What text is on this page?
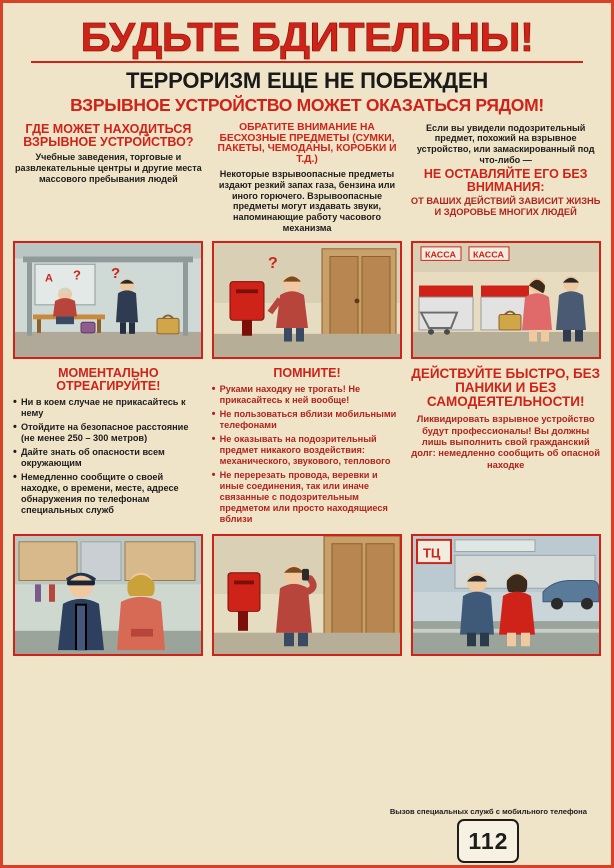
БУДЬТЕ БДИТЕЛЬНЫ!
ТЕРРОРИЗМ ЕЩЕ НЕ ПОБЕЖДЕН
ВЗРЫВНОЕ УСТРОЙСТВО МОЖЕТ ОКАЗАТЬСЯ РЯДОМ!
ГДЕ МОЖЕТ НАХОДИТЬСЯ ВЗРЫВНОЕ УСТРОЙСТВО?
Учебные заведения, торговые и развлекательные центры и другие места массового пребывания людей
ОБРАТИТЕ ВНИМАНИЕ НА БЕСХОЗНЫЕ ПРЕДМЕТЫ (СУМКИ, ПАКЕТЫ, ЧЕМОДАНЫ, КОРОБКИ И Т.Д.)
Некоторые взрывоопасные предметы издают резкий запах газа, бензина или иного горючего. Взрывоопасные предметы могут издавать звуки, напоминающие работу часового механизма
Если вы увидели подозрительный предмет, похожий на взрывное устройство, или замаскированный под что-либо —
НЕ ОСТАВЛЯЙТЕ ЕГО БЕЗ ВНИМАНИЯ:
ОТ ВАШИХ ДЕЙСТВИЙ ЗАВИСИТ ЖИЗНЬ И ЗДОРОВЬЕ МНОГИХ ЛЮДЕЙ
A ? ?
?
КАССА КАССА
МОМЕНТАЛЬНО ОТРЕАГИРУЙТЕ!
• Ни в коем случае не прикасайтесь к нему
• Отойдите на безопасное расстояние (не менее 250 – 300 метров)
• Дайте знать об опасности всем окружающим
• Немедленно сообщите о своей находке, о времени, месте, адресе обнаружения по телефонам специальных служб
ПОМНИТЕ!
• Руками находку не трогать! Не прикасайтесь к ней вообще!
• Не пользоваться вблизи мобильными телефонами
• Не оказывать на подозрительный предмет никакого воздействия: механического, звукового, теплового
• Не перерезать провода, веревки и иные соединения, так или иначе связанные с подозрительным предметом или просто находящиеся вблизи
ДЕЙСТВУЙТЕ БЫСТРО, БЕЗ ПАНИКИ И БЕЗ САМОДЕЯТЕЛЬНОСТИ!
Ликвидировать взрывное устройство будут профессионалы! Вы должны лишь выполнить свой гражданский долг: немедленно сообщить об опасной находке
ТЦ
Вызов специальных служб с мобильного телефона
112
